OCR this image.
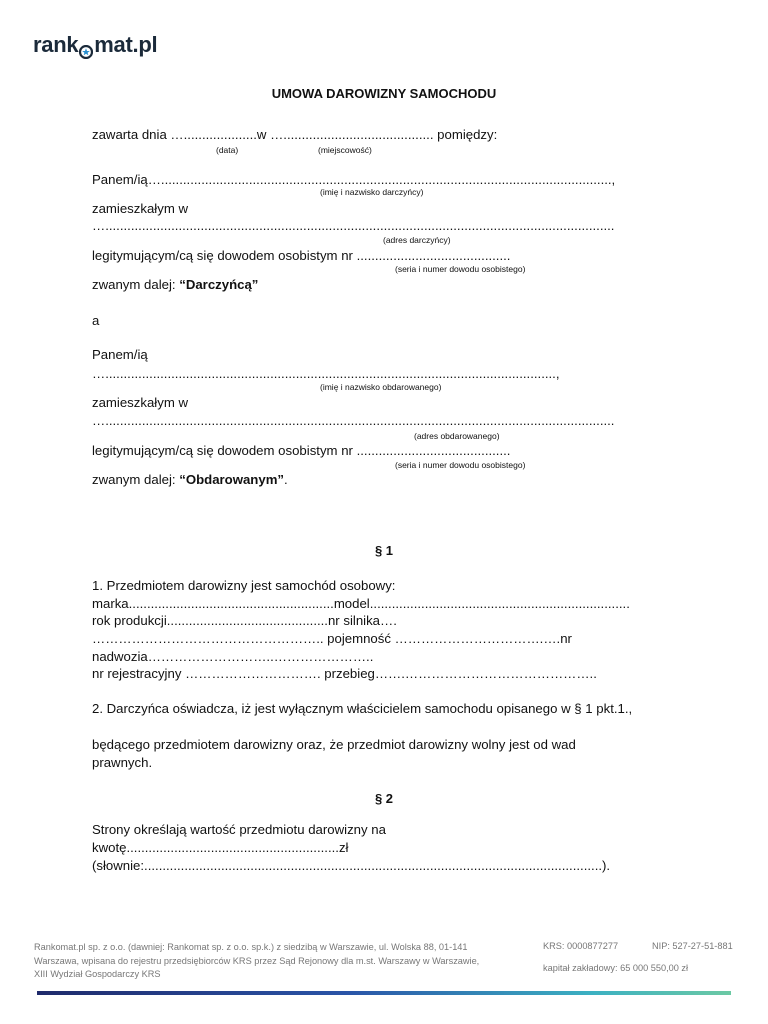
rank mat.pl
UMOWA DAROWIZNY SAMOCHODU
zawarta dnia …....................w …......................................... pomiędzy:
(data)	(miejscowość)
Panem/ią…...........................................................................................................................,
(imię i nazwisko darczyńcy)
zamieszkałym w
…...........................................................................................................................................
(adres darczyńcy)
legitymującym/cą się dowodem osobistym nr ..........................................
(seria i numer dowodu osobistego)
zwanym dalej: “Darczyńcą”
a
Panem/ią
…...........................................................................................................................,
(imię i nazwisko obdarowanego)
zamieszkałym w
…...........................................................................................................................................
(adres obdarowanego)
legitymującym/cą się dowodem osobistym nr ..........................................
(seria i numer dowodu osobistego)
zwanym dalej: “Obdarowanym”.
§ 1
1. Przedmiotem darowizny jest samochód osobowy:
marka........................................................model.......................................................................
rok produkcji............................................nr silnika….
…………………………………………….. pojemność …………………………….….nr
nadwozia………………………..…………………..
nr rejestracyjny …………………………. przebieg…….……………………………………..
2. Darczyńca oświadcza, iż jest wyłącznym właścicielem samochodu opisanego w § 1 pkt.1.,
będącego przedmiotem darowizny oraz, że przedmiot darowizny wolny jest od wad
prawnych.
§ 2
Strony określają wartość przedmiotu darowizny na
kwotę..........................................................zł
(słownie:.............................................................................................................................).
Rankomat.pl sp. z o.o. (dawniej: Rankomat sp. z o.o. sp.k.) z siedzibą w Warszawie, ul. Wolska 88, 01-141
Warszawa, wpisana do rejestru przedsiębiorców KRS przez Sąd Rejonowy dla m.st. Warszawy w Warszawie,
XIII Wydział Gospodarczy KRS
KRS: 0000877277	NIP: 527-27-51-881
kapitał zakładowy: 65 000 550,00 zł
